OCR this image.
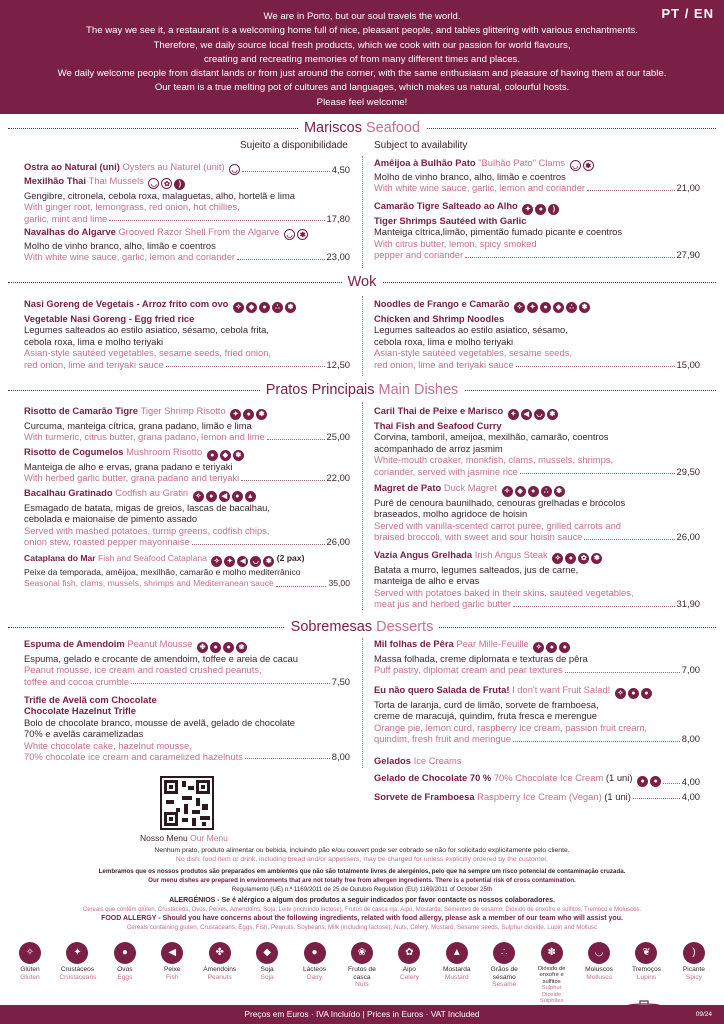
We are in Porto, but our soul travels the world.
The way we see it, a restaurant is a welcoming home full of nice, pleasant people, and tables glittering with various enchantments.
Therefore, we daily source local fresh products, which we cook with our passion for world flavours,
creating and recreating memories of from many different times and places.
We daily welcome people from distant lands or from just around the corner, with the same enthusiasm and pleasure of having them at our table.
Our team is a true melting pot of cultures and languages, which makes us natural, colourful hosts.
Please feel welcome!
PT / EN
Mariscos Seafood
Sujeito a disponibilidade	Subject to availability
Ostra ao Natural (uni) Oysters au Naturel (unit) ◡	4,50
Mexilhão Thai Thai Mussels ◡ ✿ )
Gengibre, citronela, cebola roxa, malaguetas, alho, hortelã e lima
With ginger root, lemongrass, red onion, hot chillies,
garlic, mint and lime	17,80
Navalhas do Algarve Grooved Razor Shell From the Algarve ◡ ✽
Molho de vinho branco, alho, limão e coentros
With white wine sauce, garlic, lemon and coriander	23,00
Amêijoa à Bulhão Pato "Bulhão Pato" Clams ◡ ✽
Molho de vinho branco, alho, limão e coentros
With white wine sauce, garlic, lemon and coriander	21,00
Camarão Tigre Salteado ao Alho ✦ ● )
Tiger Shrimps Sautéed with Garlic
Manteiga cítrica,limão, pimentão fumado picante e coentros
With citrus butter, lemon, spicy smoked
pepper and coriander	27,90
Wok
Nasi Goreng de Vegetais - Arroz frito com ovo ✧ ◆ ● ∴ ✽
Vegetable Nasi Goreng - Egg fried rice
Legumes salteados ao estilo asiatico, sésamo, cebola frita,
cebola roxa, lima e molho teriyaki
Asian-style sautéed vegetables, sesame seeds, fried onion,
red onion, lime and teriyaki sauce	12,50
Noodles de Frango e Camarão ✧ ✦ ● ◆ ∴ ✽
Chicken and Shrimp Noodles
Legumes salteados ao estilo asiatico, sésamo,
cebola roxa, lima e molho teriyaki
Asian-style sautéed vegetables, sesame seeds,
red onion, lime and teriyaki sauce	15,00
Pratos Principais Main Dishes
Risotto de Camarão Tigre Tiger Shrimp Risotto ✦ ● ✽
Curcuma, manteiga cítrica, grana padano, limão e lima
With turmeric, citrus butter, grana padano, lemon and lime	25,00
Risotto de Cogumelos Mushroom Risotto ● ◆ ✽
Manteiga de alho e ervas, grana padano e teriyaki
With herbed garlic butter, grana padano and teriyaki	22,00
Bacalhau Gratinado Codfish au Gratin ✧ ● ◀ ● ▲
Esmagado de batata, migas de greios, lascas de bacalhau,
cebolada e maionaise de pimento assado
Served with mashed potatoes, turnip greens, codfish chips,
onion stew, roasted pepper mayonnaise	26,00
Cataplana do Mar Fish and Seafood Cataplana ✧ ✦ ◀ ◡ ✽ (2 pax)
Peixe da temporada, amêijoa, mexilhão, camarão e molho mediterrânico
Seasonal fish, clams, mussels, shrimps and Mediterranean sauce	35,00
Caril Thai de Peixe e Marisco ✦ ◀ ◡ ✽
Thai Fish and Seafood Curry
Corvina, tamboril, ameijoa, mexilhão, camarão, coentros
acompanhado de arroz jasmim
White-mouth croaker, monkfish, clams, mussels, shrimps,
coriander, served with jasmine rice	29,50
Magret de Pato Duck Magret ✧ ◆ ● ∴ ✽
Purê de cenoura baunilhado, cenouras grelhadas e brócolos
braseados, molho agridoce de hoisin
Served with vanilla-scented carrot purée, grilled carrots and
braised broccoli, with sweet and sour hoisin sauce	26,00
Vazia Angus Grelhada Irish Angus Steak ✧ ● ✿ ✽
Batata a murro, legumes salteados, jus de carne,
manteiga de alho e ervas
Served with potatoes baked in their skins, sautéed vegetables,
meat jus and herbed garlic butter	31,90
Sobremesas Desserts
Espuma de Amendoim Peanut Mousse ✤ ● ● ❀
Espuma, gelado e crocante de amendoim, toffee e areia de cacau
Peanut mousse, ice cream and roasted crushed peanuts,
toffee and cocoa crumble	7,50
Trifle de Avelã com Chocolate
Chocolate Hazelnut Trifle
Bolo de chocolate branco, mousse de avelã, gelado de chocolate
70% e avelãs caramelizadas
White chocolate cake, hazelnut mousse,
70% chocolate ice cream and caramelized hazelnuts	8,00
Mil folhas de Pêra Pear Mille-Feuille ✧ ● ●
Massa folhada, creme diplomata e texturas de pêra
Puff pastry, diplomat cream and pear textures	7,00
Eu não quero Salada de Fruta! I don't want Fruit Salad! ✧ ● ●
Torta de laranja, curd de limão, sorvete de framboesa,
creme de maracujá, quindim, fruta fresca e merengue
Orange pie, lemon curd, raspberry ice cream, passion fruit cream,
quindim, fresh fruit and meringue	8,00
Gelados Ice Creams
Gelado de Chocolate 70 % 70% Chocolate Ice Cream (1 uni) ● ●	4,00
Sorvete de Framboesa Raspberry Ice Cream (Vegan) (1 uni)	4,00
Nosso Menu Our Menu
Nenhum prato, produto alimentar ou bebida, incluindo pão e/ou couvert pode ser cobrado se não for solicitado explicitamente pelo cliente.
No dish, food item or drink, including bread and/or appetisers, may be charged for unless explicitly ordered by the customer.
Lembramos que os nossos produtos são preparados em ambientes que não são totalmente livres de alergénios, pelo que há sempre um risco potencial de contaminação cruzada.
Our menu dishes are prepared in environments that are not totally free from allergen ingredients. There is a potential risk of cross contamination.
Regulamento (UE) n.º 1169/2011 de 25 de Outubro Regulation (EU) 1169/2011 of October 25th
ALERGÉNIOS - Se é alérgico a algum dos produtos a seguir indicados por favor contacte os nossos colaboradores.
Cereais que contêm glúten, Crustáceos, Ovos, Peixes, Amendoins, Soja, Leite (incluindo lactose), Frutos de casca rija, Aipo, Mostarda, Sementes de sésamo, Dióxido de enxofre e sulfitos, Tremoço e Moluscos.
FOOD ALLERGY - Should you have concerns about the following ingredients, related with food allergy, please ask a member of our team who will assist you.
Cereals containing gluten, Crustaceans, Eggs, Fish, Peanuts, Soybeans, Milk (including lactose), Nuts, Celery, Mustard, Sesame seeds, Sulphur dioxide, Lupin and Mollusc
✧
Glúten
Gluten
✦
Crustáceos
Crustaceans
●
Ovos
Eggs
◀
Peixe
Fish
✤
Amendoins
Peanuts
◆
Soja
Soja
●
Lácteos
Dairy
❀
Frutos de casca
Nuts
✿
Aipo
Celery
▲
Mostarda
Mustard
∴
Grãos de sésamo
Sesame
✽
Dióxido de enxofre e sulfitos
Sulphur Dioxide Sulphites
◡
Moluscos
Molluscs
❦
Tremoços
Lupins
)
Picante
Spicy
Preços em Euros · IVA Incluído | Prices in Euros · VAT Included	09/24
